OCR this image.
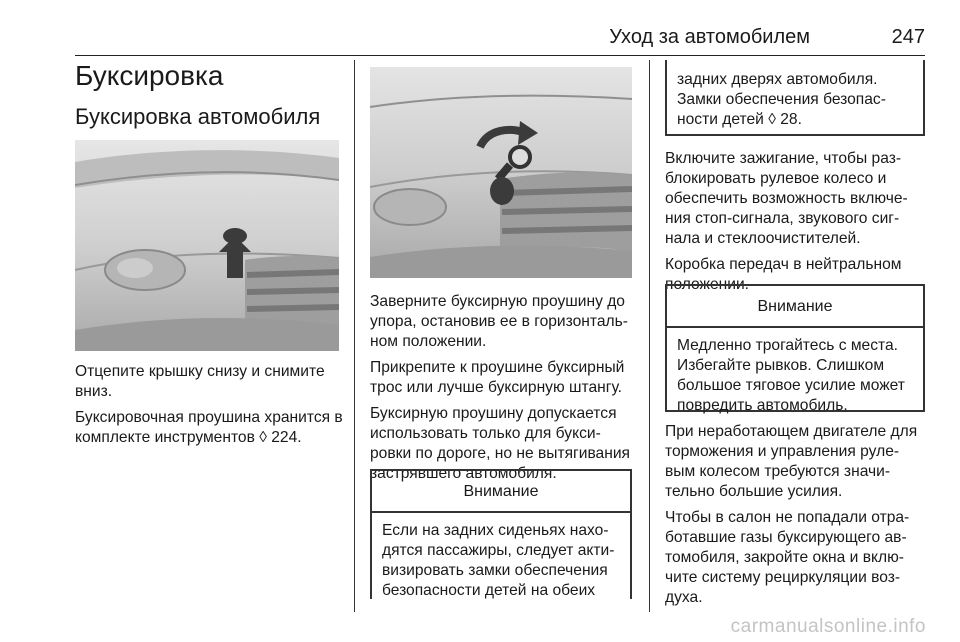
Уход за автомобилем	247
Буксировка
Буксировка автомобиля

Отцепите крышку снизу и снимите вниз.

Буксировочная проушина хранится в комплекте инструментов ◊ 224.

Заверните буксирную проушину до упора, остановив ее в горизонталь-ном положении.

Прикрепите к проушине буксирный трос или лучше буксирную штангу.

Буксирную проушину допускается использовать только для букси-ровки по дороге, но не вытягивания застрявшего автомобиля.

Внимание

Если на задних сиденьях нахо-дятся пассажиры, следует акти-визировать замки обеспечения безопасности детей на обеих

задних дверях автомобиля. Замки обеспечения безопас-ности детей ◊ 28.

Включите зажигание, чтобы раз-блокировать рулевое колесо и обеспечить возможность включе-ния стоп-сигнала, звукового сиг-нала и стеклоочистителей.

Коробка передач в нейтральном положении.

Внимание

Медленно трогайтесь с места. Избегайте рывков. Слишком большое тяговое усилие может повредить автомобиль.

При неработающем двигателе для торможения и управления руле-вым колесом требуются значи-тельно большие усилия.

Чтобы в салон не попадали отра-ботавшие газы буксирующего ав-томобиля, закройте окна и вклю-чите систему рециркуляции воз-духа.

carmanualsonline.info
